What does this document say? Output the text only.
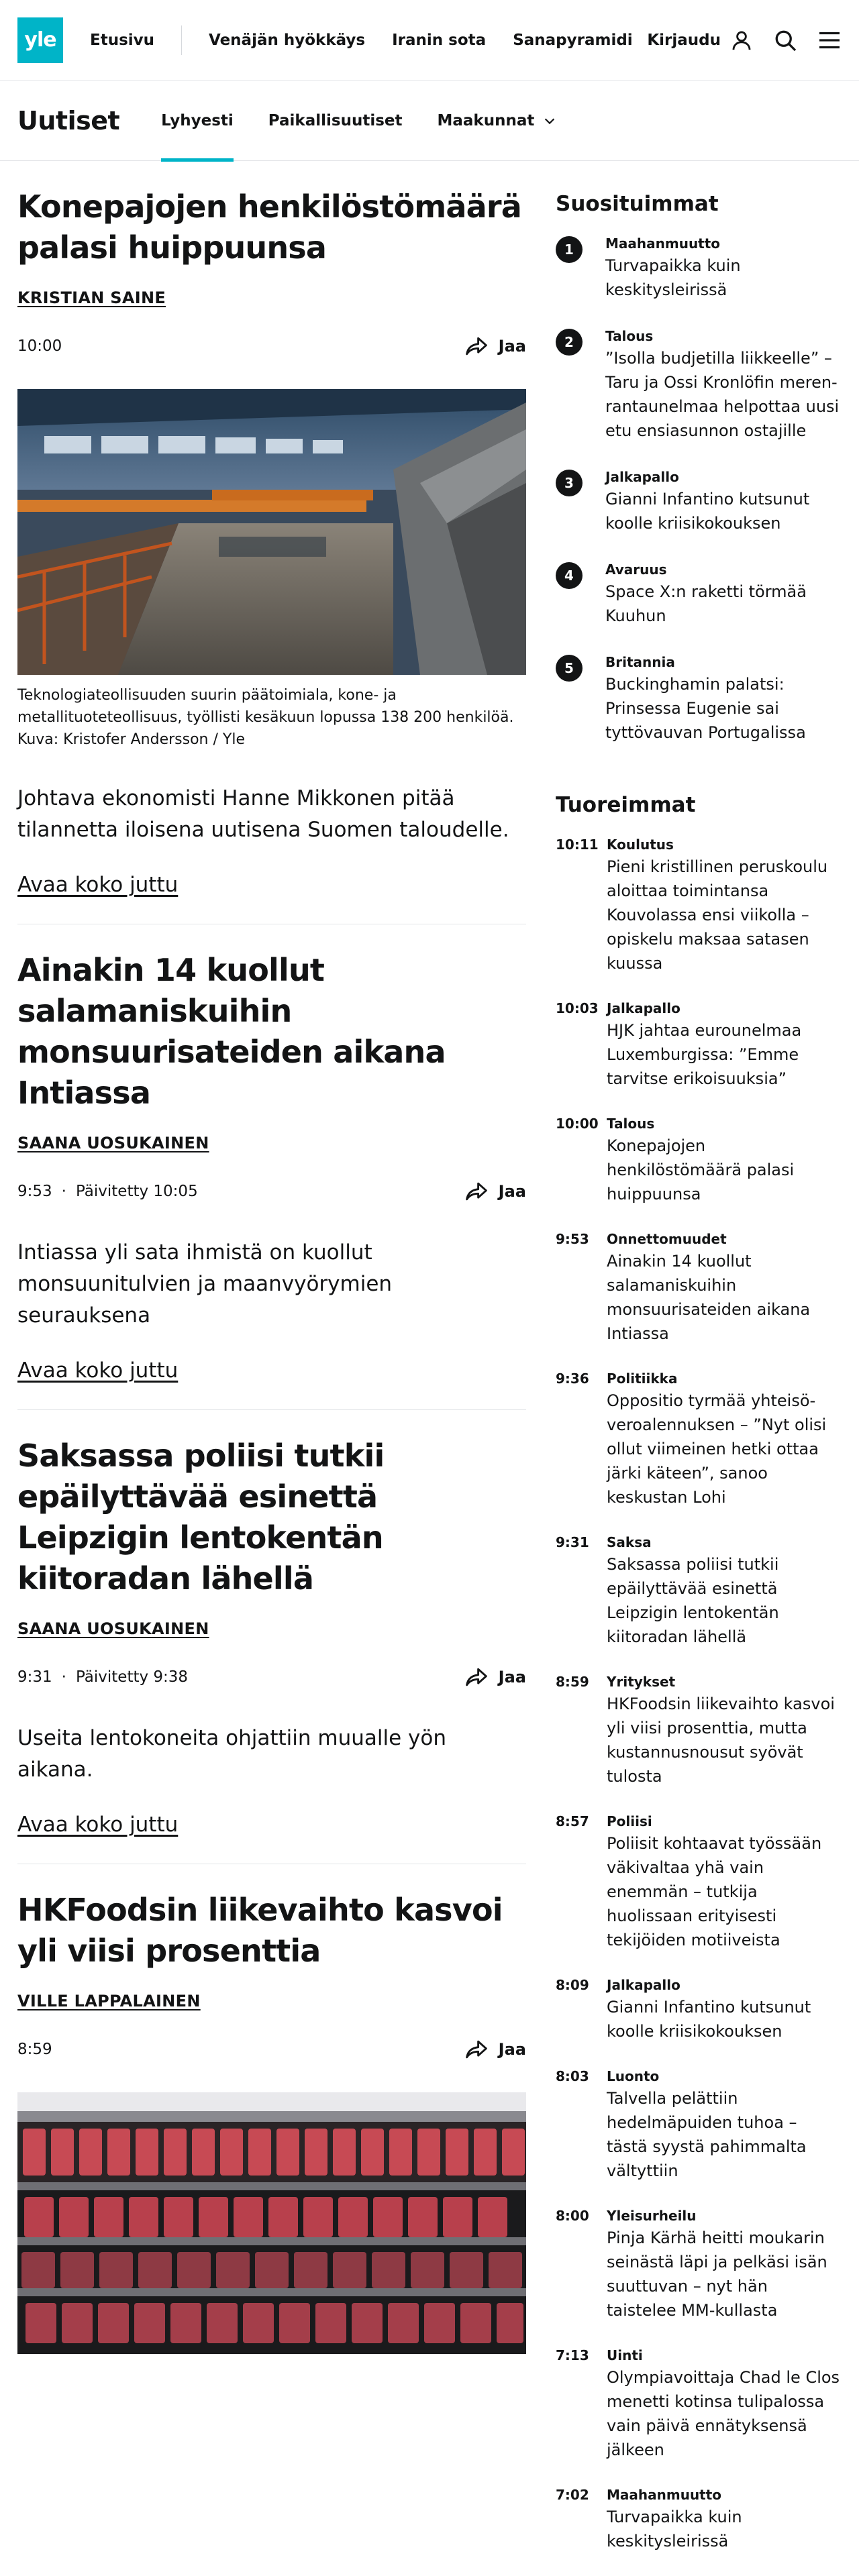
yle Etusivu	Venäjän hyökkäys Iranin sota Sanapyramidi Kirjaudu
Uutiset	Lyhyesti Paikallisuutiset Maakunnat
Konepajojen henkilöstömäärä palasi huippuunsa
KRISTIAN SAINE
10:00	Jaa
Teknologiateollisuuden suurin päätoimiala, kone- ja metallituoteteollisuus, työllisti kesäkuun lopussa 138 200 henkilöä. Kuva: Kristofer Andersson / Yle

Johtava ekonomisti Hanne Mikkonen pitää tilannetta iloisena uutisena Suomen taloudelle.

Avaa koko juttu
Ainakin 14 kuollut salamaniskuihin monsuurisateiden aikana Intiassa
SAANA UOSUKAINEN
9:53 · Päivitetty 10:05	Jaa

Intiassa yli sata ihmistä on kuollut monsuunitulvien ja maanvyörymien seurauksena

Avaa koko juttu
Saksassa poliisi tutkii epäilyttävää esinettä Leipzigin lentokentän kiitoradan lähellä
SAANA UOSUKAINEN
9:31 · Päivitetty 9:38	Jaa

Useita lentokoneita ohjattiin muualle yön aikana.

Avaa koko juttu
HKFoodsin liikevaihto kasvoi yli viisi prosenttia
VILLE LAPPALAINEN
8:59	Jaa
Suosituimmat
1	Maahanmuutto
Turvapaikka kuin keskitysleirissä
2	Talous
”Isolla budjetilla liikkeelle” – Taru ja Ossi Kronlöfin merenrantaunelmaa helpottaa uusi etu ensiasunnon ostajille
3	Jalkapallo
Gianni Infantino kutsunut koolle kriisikokouksen
4	Avaruus
Space X:n raketti törmää Kuuhun
5	Britannia
Buckinghamin palatsi: Prinsessa Eugenie sai tyttövauvan Portugalissa
Tuoreimmat
10:11 Koulutus
Pieni kristillinen peruskoulu aloittaa toimintansa Kouvolassa ensi viikolla – opiskelu maksaa satasen kuussa
10:03 Jalkapallo
HJK jahtaa eurounelmaa Luxemburgissa: ”Emme tarvitse erikoisuuksia”
10:00 Talous
Konepajojen henkilöstömäärä palasi huippuunsa
9:53	Onnettomuudet
Ainakin 14 kuollut salamaniskuihin monsuurisateiden aikana Intiassa
9:36	Politiikka
Oppositio tyrmää yhteisöveroalennuksen – ”Nyt olisi ollut viimeinen hetki ottaa järki käteen”, sanoo keskustan Lohi
9:31	Saksa
Saksassa poliisi tutkii epäilyttävää esinettä Leipzigin lentokentän kiitoradan lähellä
8:59	Yritykset
HKFoodsin liikevaihto kasvoi yli viisi prosenttia, mutta kustannusnousut syövät tulosta
8:57	Poliisi
Poliisit kohtaavat työssään väkivaltaa yhä vain enemmän – tutkija huolissaan erityisesti tekijöiden motiiveista
8:09	Jalkapallo
Gianni Infantino kutsunut koolle kriisikokouksen
8:03	Luonto
Talvella pelättiin hedelmäpuiden tuhoa – tästä syystä pahimmalta vältyttiin
8:00	Yleisurheilu
Pinja Kärhä heitti moukarin seinästä läpi ja pelkäsi isän suuttuvan – nyt hän taistelee MM-kullasta
7:13	Uinti
Olympiavoittaja Chad le Clos menetti kotinsa tulipalossa vain päivä ennätyksensä jälkeen
7:02	Maahanmuutto
Turvapaikka kuin keskitysleirissä
